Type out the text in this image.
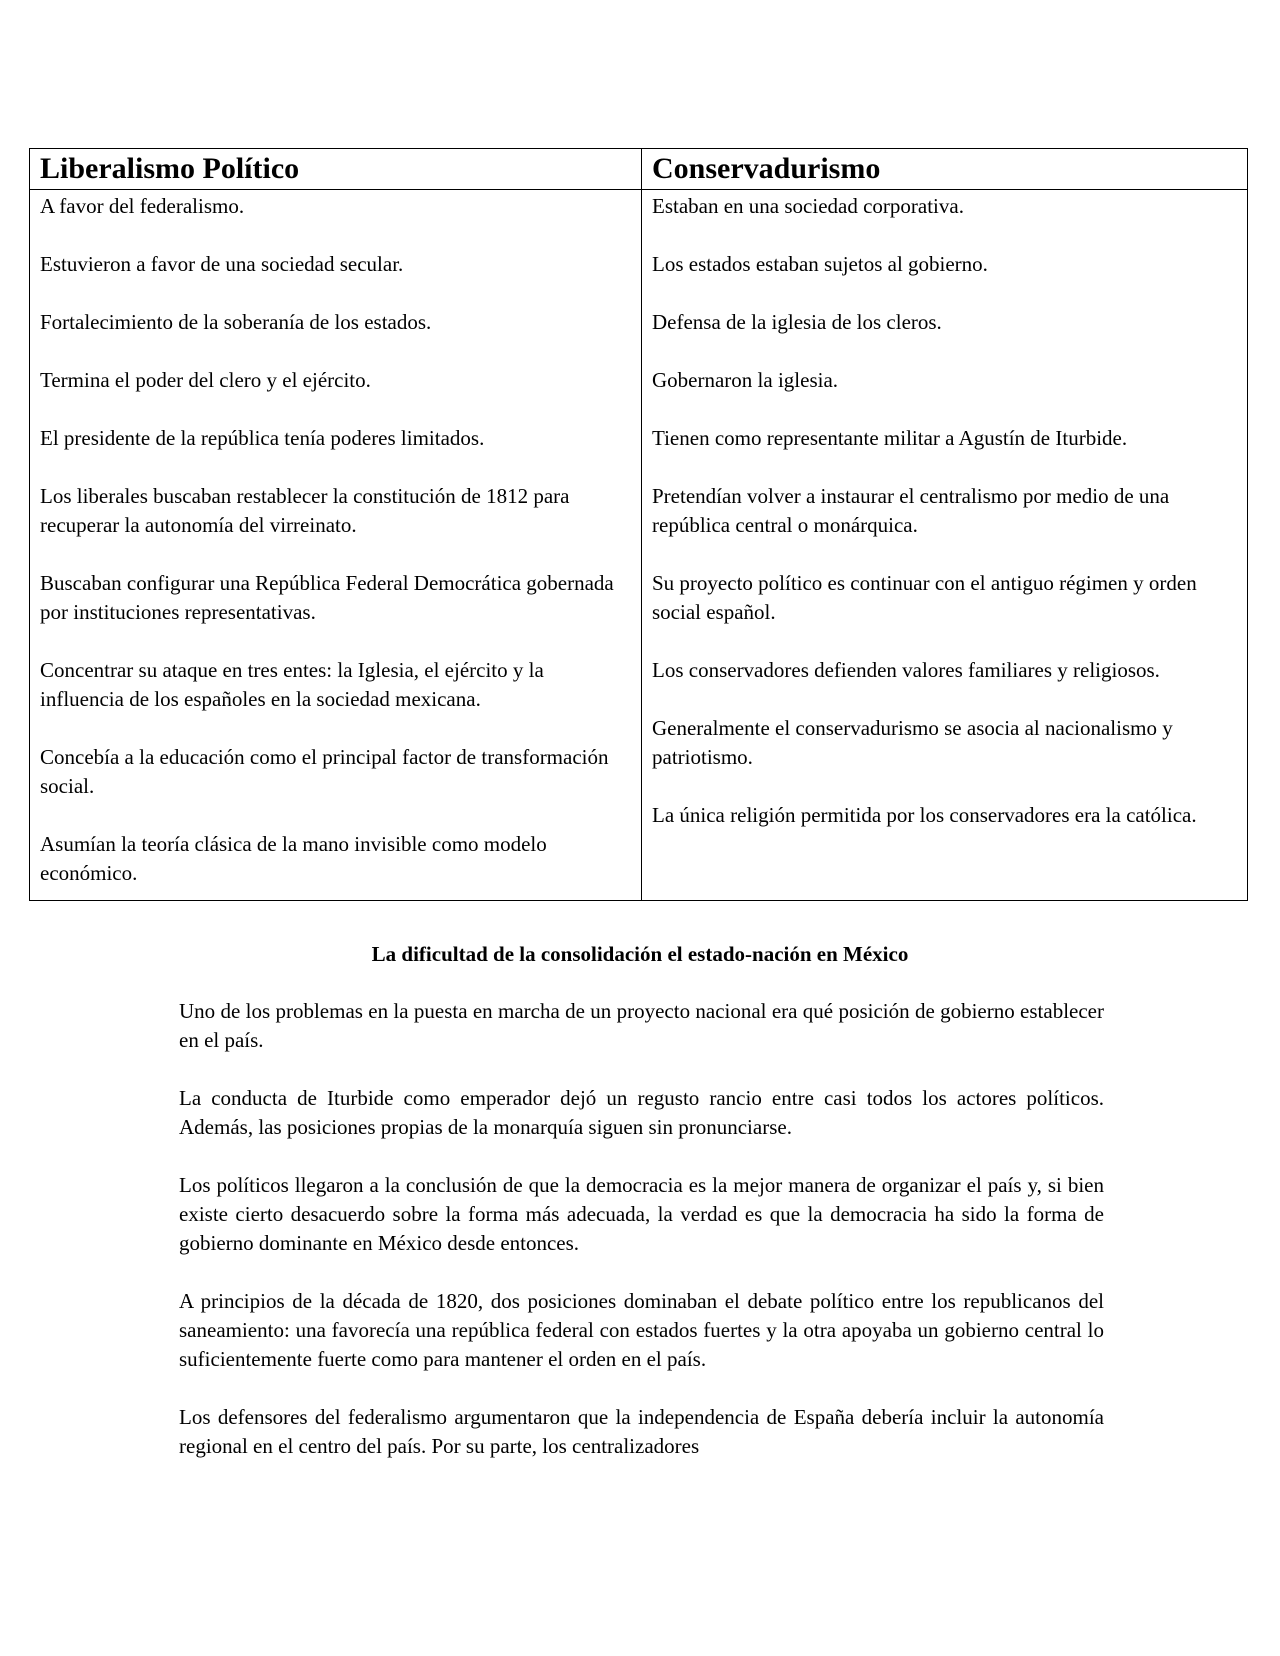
Liberalismo Político	Conservadurismo
A favor del federalismo.
Estuvieron a favor de una sociedad secular.
Fortalecimiento de la soberanía de los estados.
Termina el poder del clero y el ejército.
El presidente de la república tenía poderes limitados.
Los liberales buscaban restablecer la constitución de 1812 para recuperar la autonomía del virreinato.
Buscaban configurar una República Federal Democrática gobernada por instituciones representativas.
Concentrar su ataque en tres entes: la Iglesia, el ejército y la influencia de los españoles en la sociedad mexicana.
Concebía a la educación como el principal factor de transformación social.
Asumían la teoría clásica de la mano invisible como modelo económico.
Estaban en una sociedad corporativa.
Los estados estaban sujetos al gobierno.
Defensa de la iglesia de los cleros.
Gobernaron la iglesia.
Tienen como representante militar a Agustín de Iturbide.
Pretendían volver a instaurar el centralismo por medio de una república central o monárquica.
Su proyecto político es continuar con el antiguo régimen y orden social español.
Los conservadores defienden valores familiares y religiosos.
Generalmente el conservadurismo se asocia al nacionalismo y patriotismo.
La única religión permitida por los conservadores era la católica.
La dificultad de la consolidación el estado-nación en México

Uno de los problemas en la puesta en marcha de un proyecto nacional era qué posición de gobierno establecer en el país.

La conducta de Iturbide como emperador dejó un regusto rancio entre casi todos los actores políticos. Además, las posiciones propias de la monarquía siguen sin pronunciarse.

Los políticos llegaron a la conclusión de que la democracia es la mejor manera de organizar el país y, si bien existe cierto desacuerdo sobre la forma más adecuada, la verdad es que la democracia ha sido la forma de gobierno dominante en México desde entonces.

A principios de la década de 1820, dos posiciones dominaban el debate político entre los republicanos del saneamiento: una favorecía una república federal con estados fuertes y la otra apoyaba un gobierno central lo suficientemente fuerte como para mantener el orden en el país.

Los defensores del federalismo argumentaron que la independencia de España debería incluir la autonomía regional en el centro del país. Por su parte, los centralizadores
